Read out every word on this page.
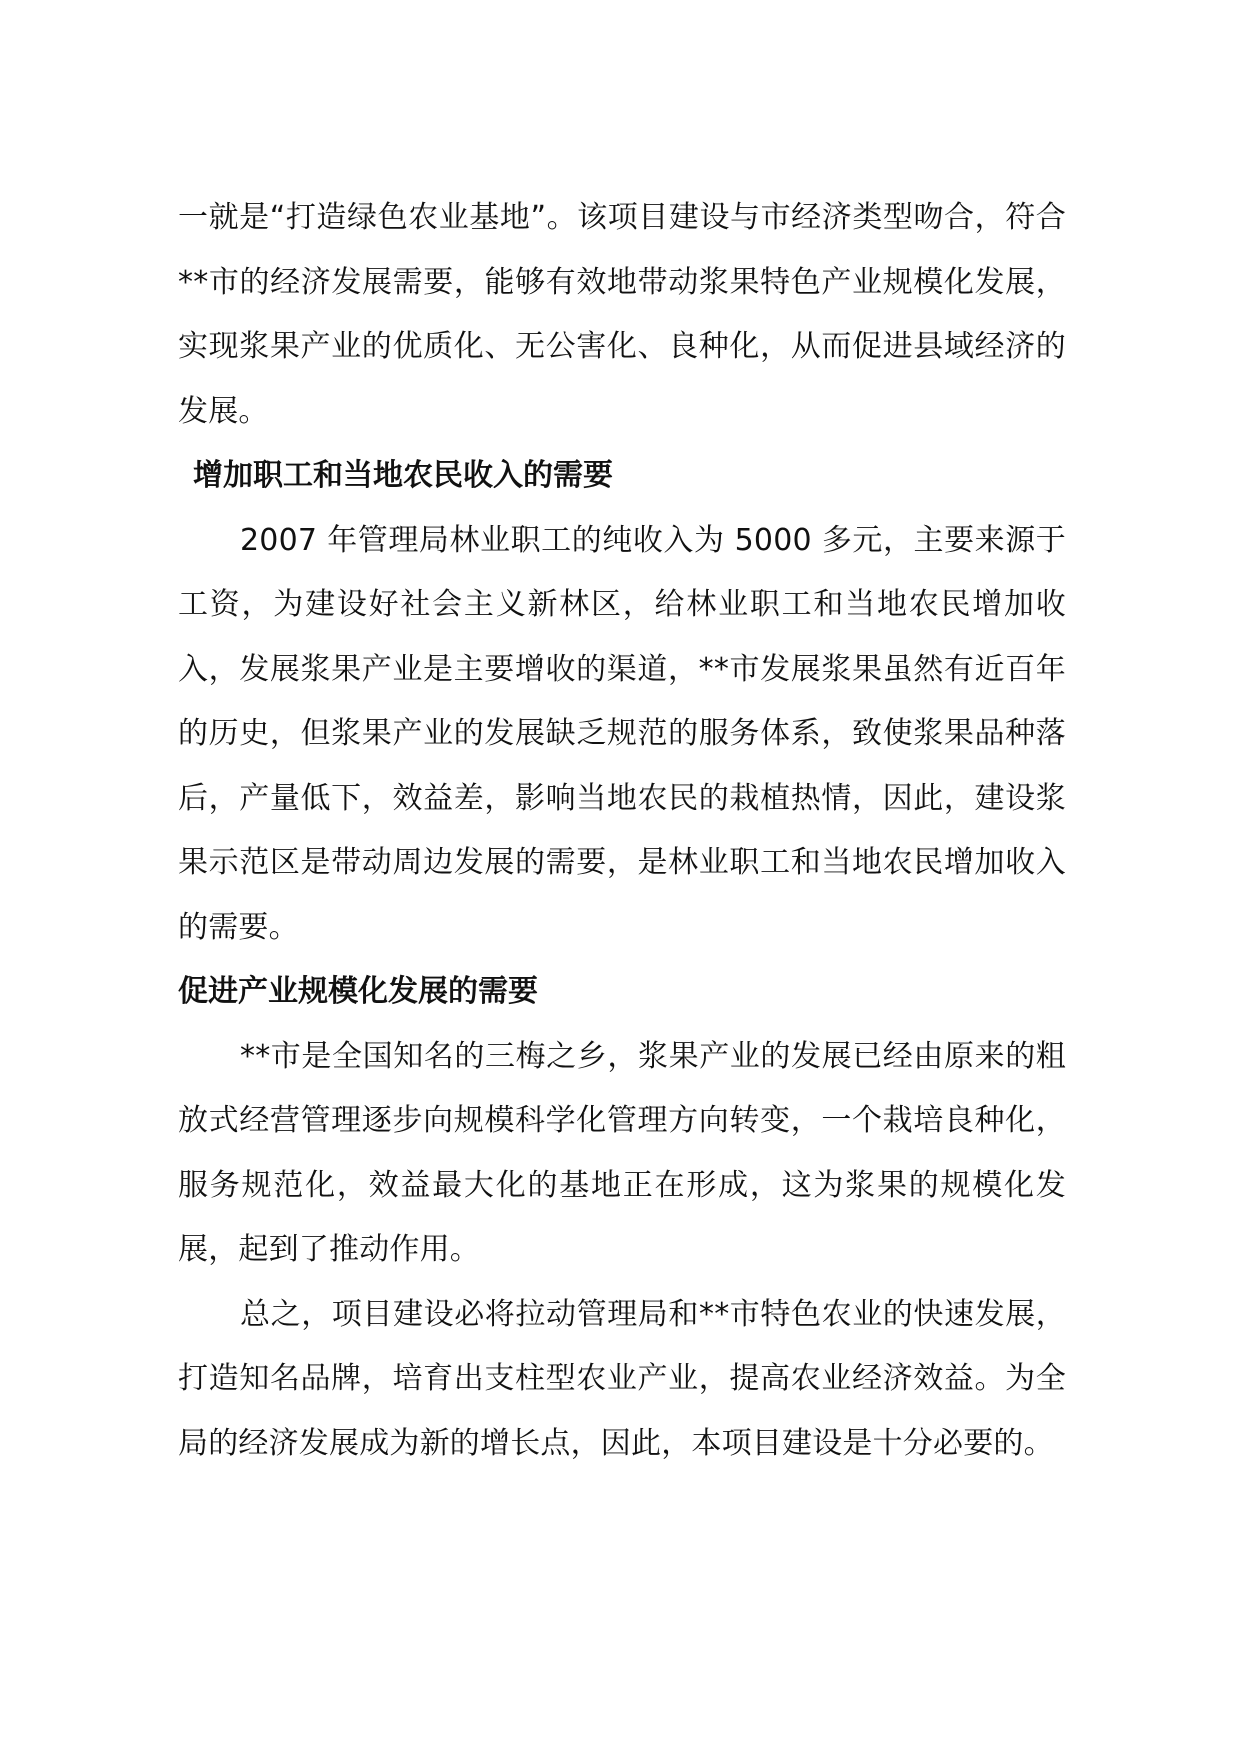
一就是“打造绿色农业基地”。该项目建设与市经济类型吻合，符合**市的经济发展需要，能够有效地带动浆果特色产业规模化发展，实现浆果产业的优质化、无公害化、良种化，从而促进县域经济的发展。

增加职工和当地农民收入的需要

2007 年管理局林业职工的纯收入为 5000 多元，主要来源于工资，为建设好社会主义新林区，给林业职工和当地农民增加收入，发展浆果产业是主要增收的渠道，**市发展浆果虽然有近百年的历史，但浆果产业的发展缺乏规范的服务体系，致使浆果品种落后，产量低下，效益差，影响当地农民的栽植热情，因此，建设浆果示范区是带动周边发展的需要，是林业职工和当地农民增加收入的需要。

促进产业规模化发展的需要

**市是全国知名的三梅之乡，浆果产业的发展已经由原来的粗放式经营管理逐步向规模科学化管理方向转变，一个栽培良种化，服务规范化，效益最大化的基地正在形成，这为浆果的规模化发展，起到了推动作用。

总之，项目建设必将拉动管理局和**市特色农业的快速发展，打造知名品牌，培育出支柱型农业产业，提高农业经济效益。为全局的经济发展成为新的增长点，因此，本项目建设是十分必要的。
